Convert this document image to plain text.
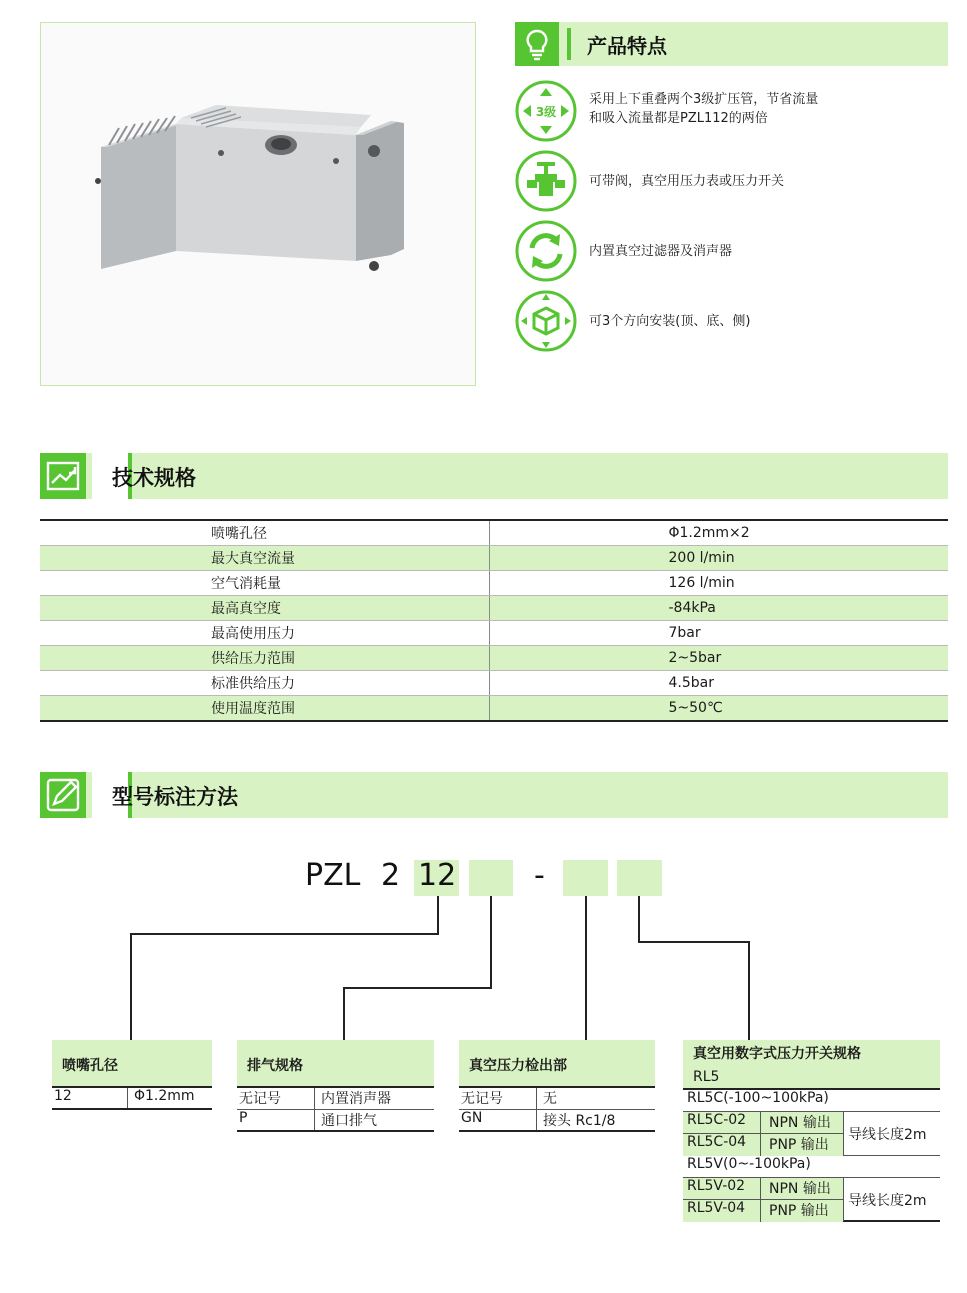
产品特点
3级
采用上下重叠两个3级扩压管，节省流量
和吸入流量都是PZL112的两倍
可带阀，真空用压力表或压力开关
内置真空过滤器及消声器
可3个方向安装(顶、底、侧)
技术规格
喷嘴孔径	Φ1.2mm×2
最大真空流量	200 l/min
空气消耗量	126 l/min
最高真空度	-84kPa
最高使用压力	7bar
供给压力范围	2~5bar
标准供给压力	4.5bar
使用温度范围	5~50℃
型号标注方法
PZL 2 12	-
喷嘴孔径
12	Φ1.2mm
排气规格
无记号	内置消声器
P	通口排气
真空压力检出部
无记号	无
GN	接头 Rc1/8
真空用数字式压力开关规格
RL5
RL5C(-100~100kPa)
RL5C-02	NPN 输出
RL5C-04	PNP 输出
导线长度2m
RL5V(0~-100kPa)
RL5V-02	NPN 输出
RL5V-04	PNP 输出
导线长度2m
